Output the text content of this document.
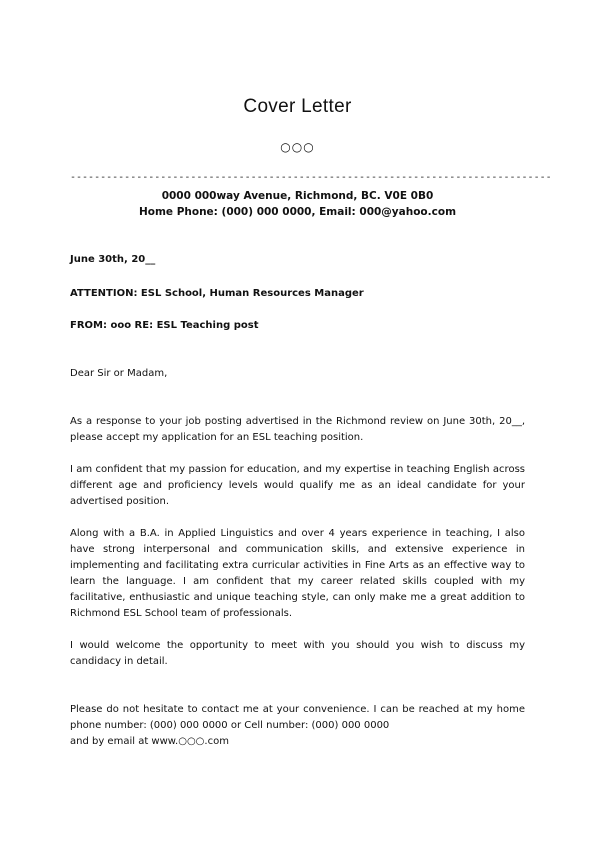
Cover Letter
○○○
--------------------------------------------------------------------------------
0000 000way Avenue, Richmond, BC. V0E 0B0
Home Phone: (000) 000 0000, Email: 000@yahoo.com
June 30th, 20__
ATTENTION: ESL School, Human Resources Manager
FROM: ooo RE: ESL Teaching post
Dear Sir or Madam,
As a response to your job posting advertised in the Richmond review on June 30th, 20__, please accept my application for an ESL teaching position.
I am confident that my passion for education, and my expertise in teaching English across different age and proficiency levels would qualify me as an ideal candidate for your advertised position.
Along with a B.A. in Applied Linguistics and over 4 years experience in teaching, I also have strong interpersonal and communication skills, and extensive experience in implementing and facilitating extra curricular activities in Fine Arts as an effective way to learn the language. I am confident that my career related skills coupled with my facilitative, enthusiastic and unique teaching style, can only make me a great addition to Richmond ESL School team of professionals.
I would welcome the opportunity to meet with you should you wish to discuss my candidacy in detail.
Please do not hesitate to contact me at your convenience. I can be reached at my home phone number: (000) 000 0000 or Cell number: (000) 000 0000
and by email at www.○○○.com
